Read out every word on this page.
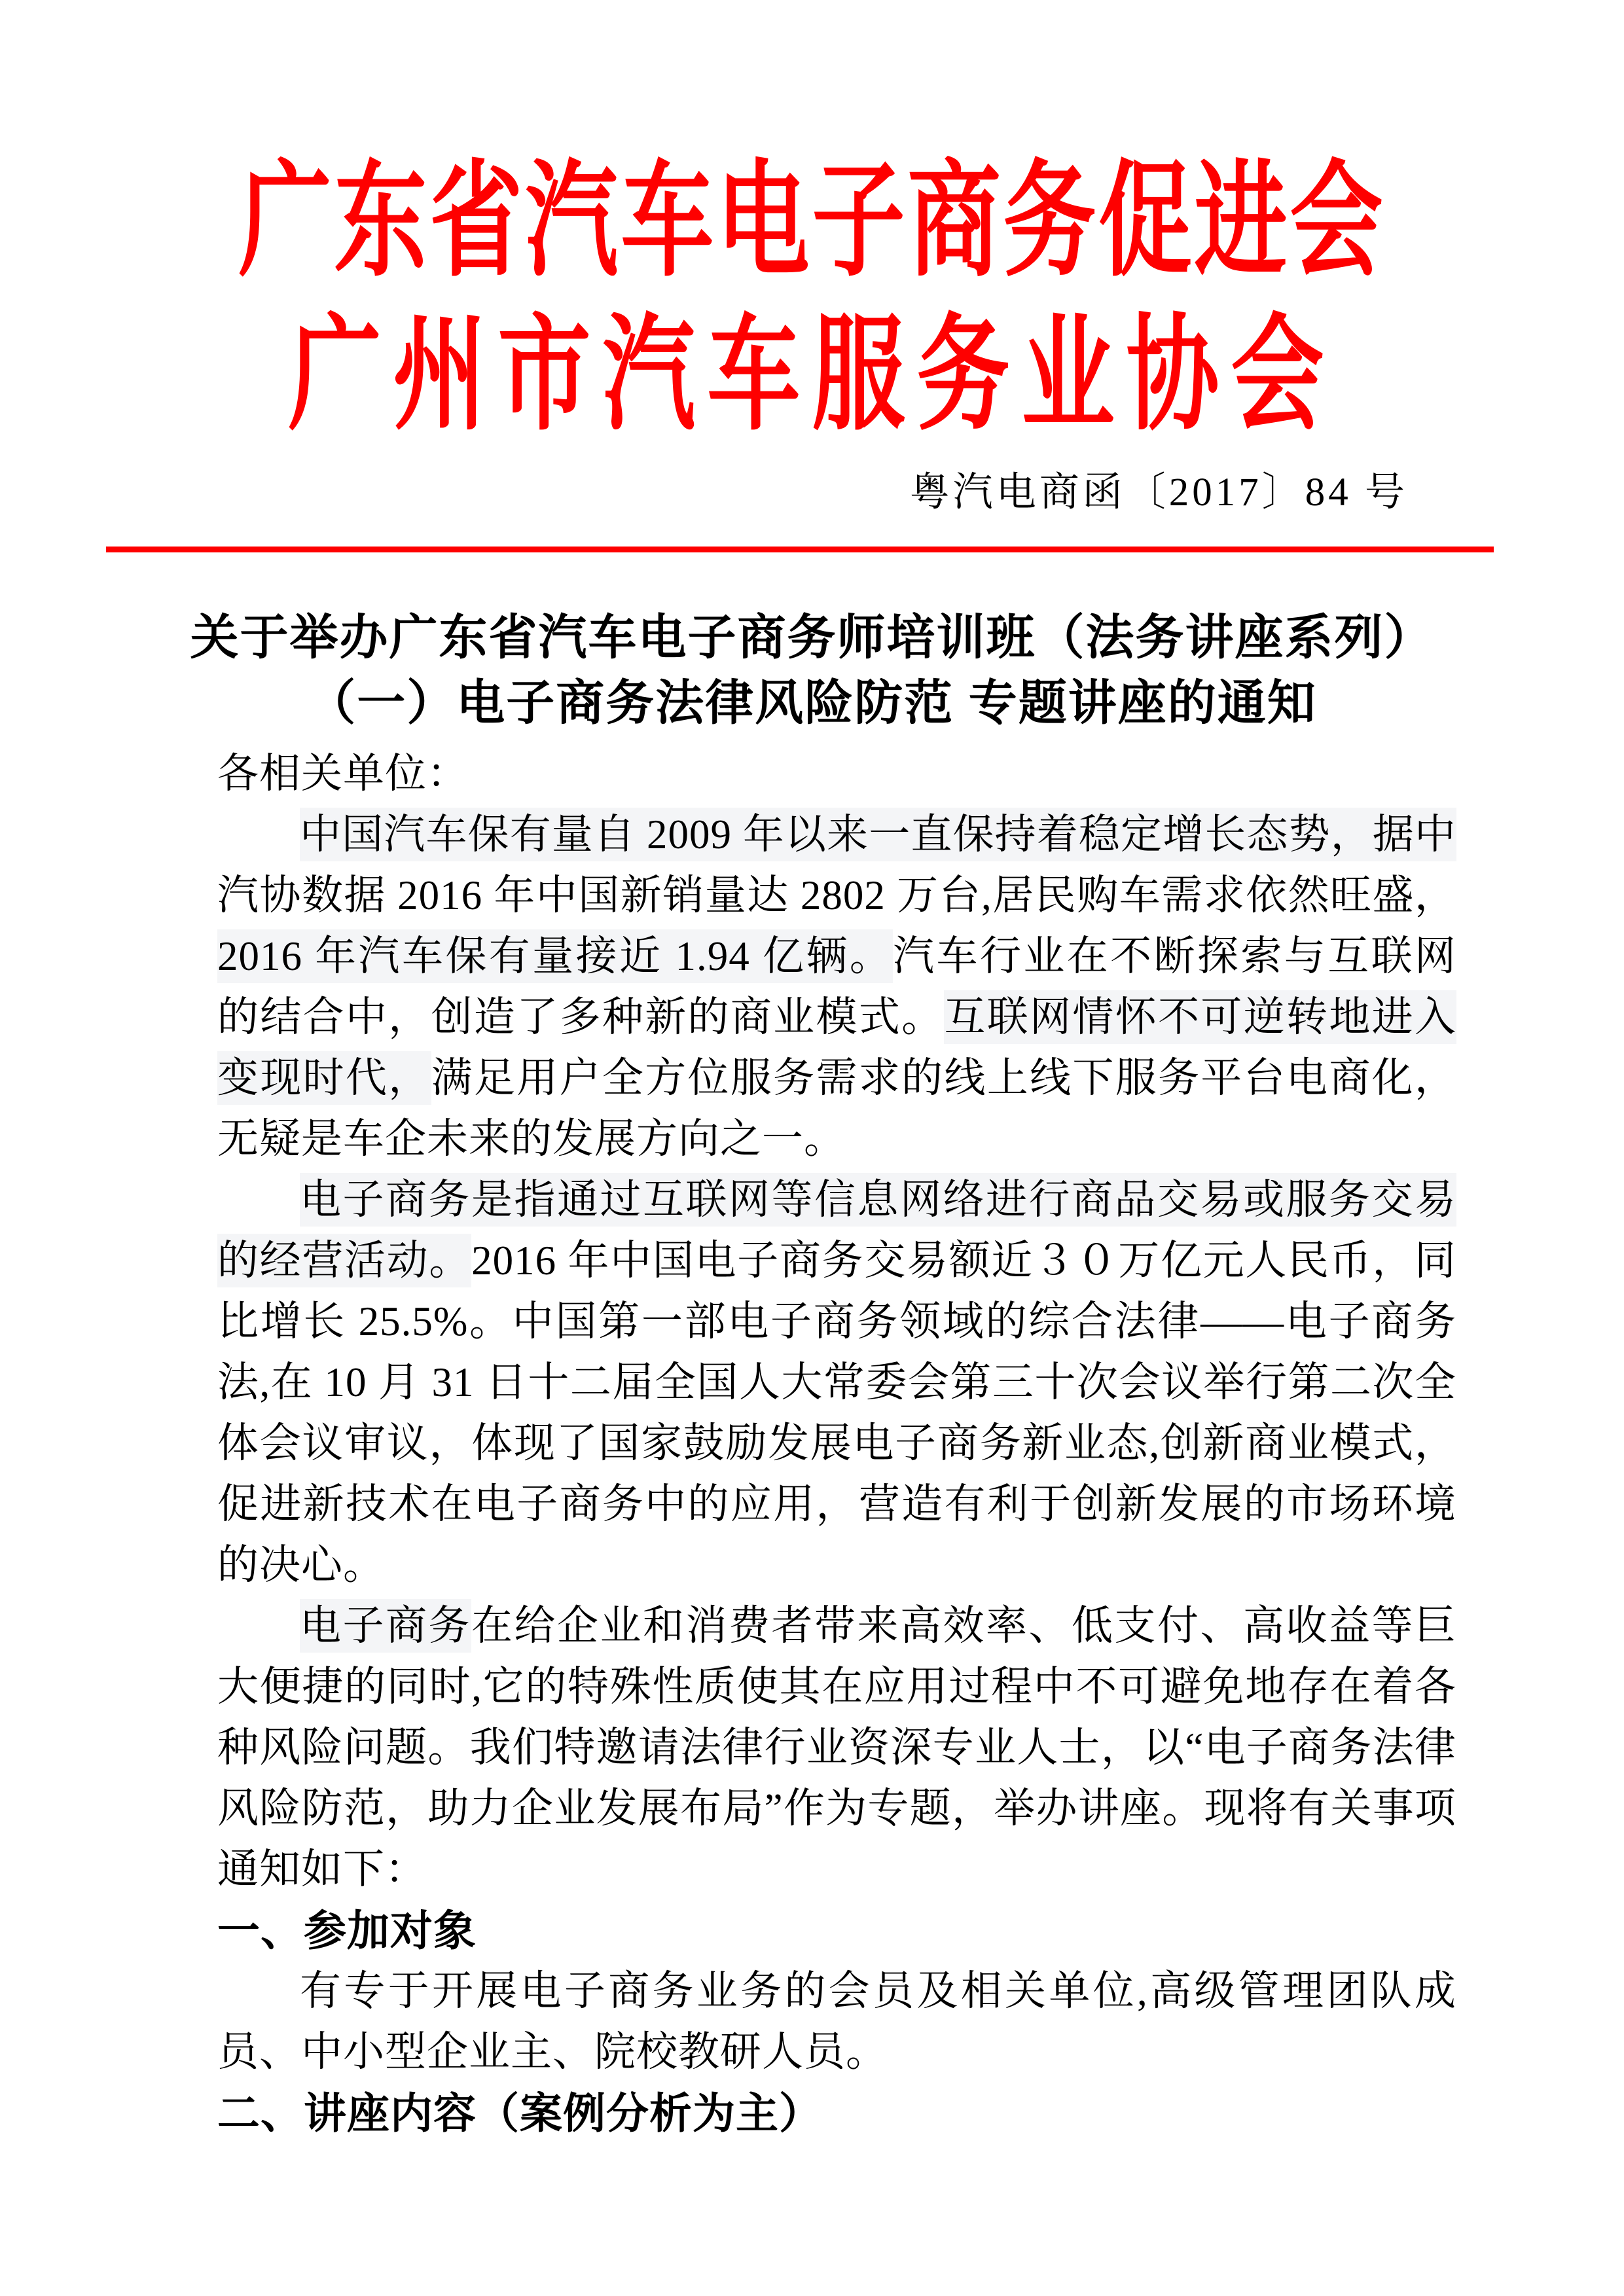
广东省汽车电子商务促进会
广州市汽车服务业协会
粤汽电商函〔2017〕84 号
关于举办广东省汽车电子商务师培训班（法务讲座系列）
（一）电子商务法律风险防范 专题讲座的通知

各相关单位：

中国汽车保有量自 2009 年以来一直保持着稳定增长态势，据中汽协数据 2016 年中国新销量达 2802 万台,居民购车需求依然旺盛，2016 年汽车保有量接近 1.94 亿辆。汽车行业在不断探索与互联网的结合中，创造了多种新的商业模式。互联网情怀不可逆转地进入变现时代，满足用户全方位服务需求的线上线下服务平台电商化，无疑是车企未来的发展方向之一。

电子商务是指通过互联网等信息网络进行商品交易或服务交易的经营活动。2016 年中国电子商务交易额近３０万亿元人民币，同比增长 25.5%。中国第一部电子商务领域的综合法律——电子商务法,在 10 月 31 日十二届全国人大常委会第三十次会议举行第二次全体会议审议，体现了国家鼓励发展电子商务新业态,创新商业模式，促进新技术在电子商务中的应用，营造有利于创新发展的市场环境的决心。

电子商务在给企业和消费者带来高效率、低支付、高收益等巨大便捷的同时,它的特殊性质使其在应用过程中不可避免地存在着各种风险问题。我们特邀请法律行业资深专业人士，以“电子商务法律风险防范，助力企业发展布局”作为专题，举办讲座。现将有关事项通知如下：

一、参加对象

有专于开展电子商务业务的会员及相关单位,高级管理团队成员、中小型企业主、院校教研人员。

二、讲座内容（案例分析为主）
